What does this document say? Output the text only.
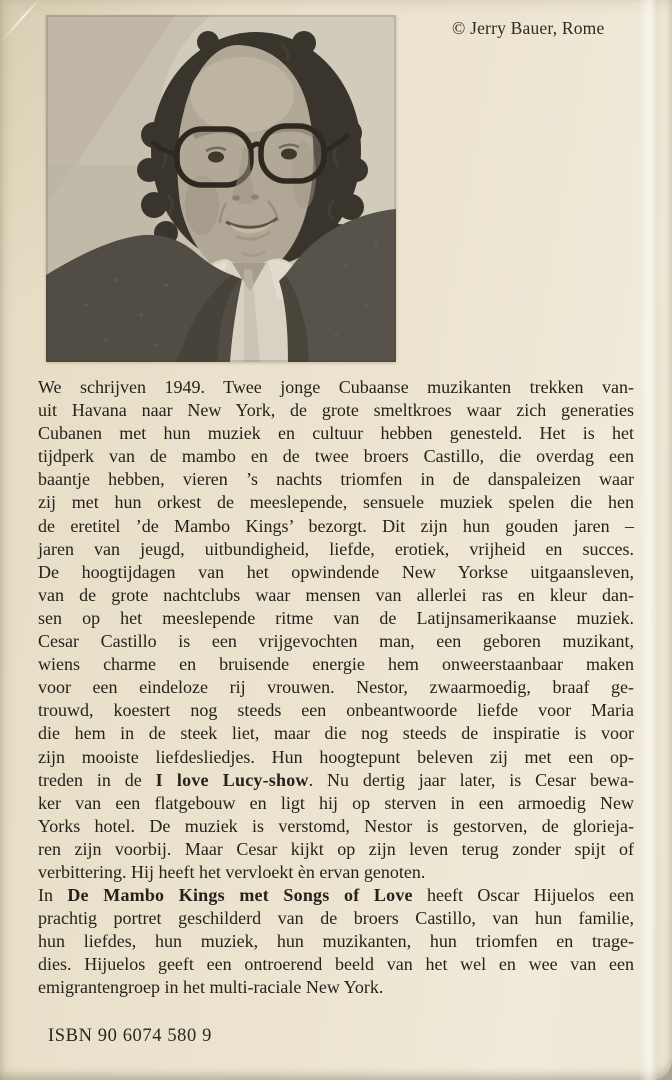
© Jerry Bauer, Rome
We schrijven 1949. Twee jonge Cubaanse muzikanten trekken van-
uit Havana naar New York, de grote smeltkroes waar zich generaties
Cubanen met hun muziek en cultuur hebben genesteld. Het is het
tijdperk van de mambo en de twee broers Castillo, die overdag een
baantje hebben, vieren ’s nachts triomfen in de danspaleizen waar
zij met hun orkest de meeslepende, sensuele muziek spelen die hen
de eretitel ’de Mambo Kings’ bezorgt. Dit zijn hun gouden jaren –
jaren van jeugd, uitbundigheid, liefde, erotiek, vrijheid en succes.
De hoogtijdagen van het opwindende New Yorkse uitgaansleven,
van de grote nachtclubs waar mensen van allerlei ras en kleur dan-
sen op het meeslepende ritme van de Latijnsamerikaanse muziek.
Cesar Castillo is een vrijgevochten man, een geboren muzikant,
wiens charme en bruisende energie hem onweerstaanbaar maken
voor een eindeloze rij vrouwen. Nestor, zwaarmoedig, braaf ge-
trouwd, koestert nog steeds een onbeantwoorde liefde voor Maria
die hem in de steek liet, maar die nog steeds de inspiratie is voor
zijn mooiste liefdesliedjes. Hun hoogtepunt beleven zij met een op-
treden in de I love Lucy-show. Nu dertig jaar later, is Cesar bewa-
ker van een flatgebouw en ligt hij op sterven in een armoedig New
Yorks hotel. De muziek is verstomd, Nestor is gestorven, de glorieja-
ren zijn voorbij. Maar Cesar kijkt op zijn leven terug zonder spijt of
verbittering. Hij heeft het vervloekt èn ervan genoten.
In De Mambo Kings met Songs of Love heeft Oscar Hijuelos een
prachtig portret geschilderd van de broers Castillo, van hun familie,
hun liefdes, hun muziek, hun muzikanten, hun triomfen en trage-
dies. Hijuelos geeft een ontroerend beeld van het wel en wee van een
emigrantengroep in het multi-raciale New York.
ISBN 90 6074 580 9
